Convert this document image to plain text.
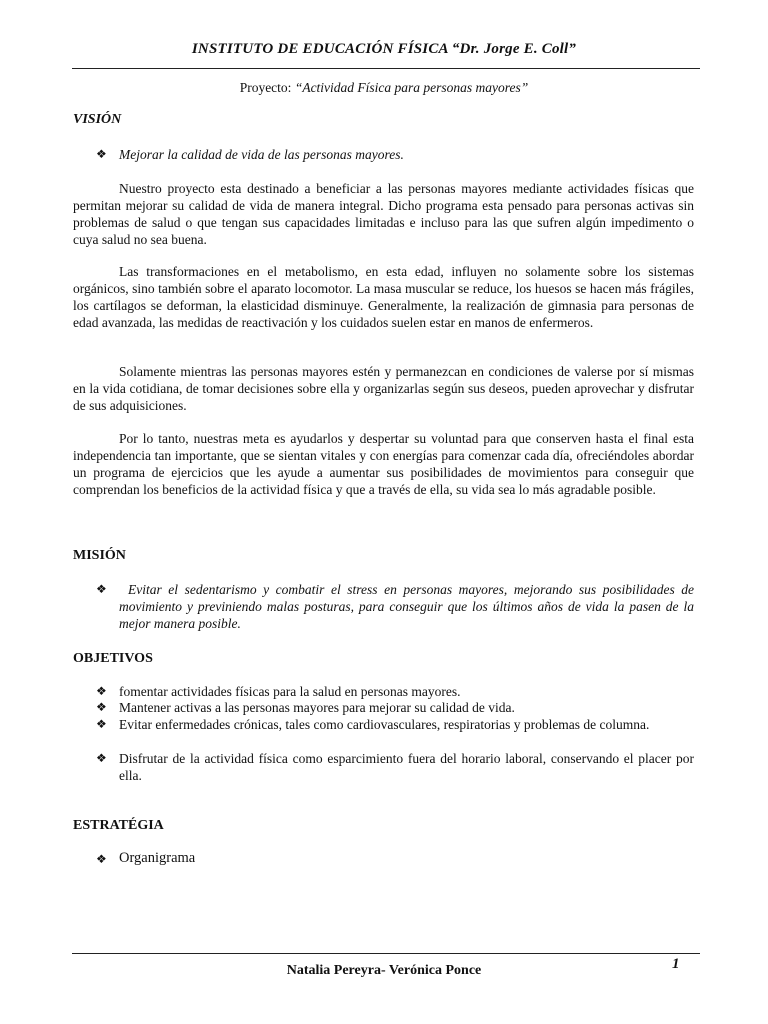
INSTITUTO DE EDUCACIÓN FÍSICA “Dr. Jorge E. Coll”
Proyecto: “Actividad Física para personas mayores”
VISIÓN
❖ Mejorar la calidad de vida de las personas mayores.

Nuestro proyecto esta destinado a beneficiar a las personas mayores mediante actividades físicas que permitan mejorar su calidad de vida de manera integral. Dicho programa esta pensado para personas activas sin problemas de salud o que tengan sus capacidades limitadas e incluso para las que sufren algún impedimento o cuya salud no sea buena.

Las transformaciones en el metabolismo, en esta edad, influyen no solamente sobre los sistemas orgánicos, sino también sobre el aparato locomotor. La masa muscular se reduce, los huesos se hacen más frágiles, los cartílagos se deforman, la elasticidad disminuye. Generalmente, la realización de gimnasia para personas de edad avanzada, las medidas de reactivación y los cuidados suelen estar en manos de enfermeros.

Solamente mientras las personas mayores estén y permanezcan en condiciones de valerse por sí mismas en la vida cotidiana, de tomar decisiones sobre ella y organizarlas según sus deseos, pueden aprovechar y disfrutar de sus adquisiciones.

Por lo tanto, nuestras meta es ayudarlos y despertar su voluntad para que conserven hasta el final esta independencia tan importante, que se sientan vitales y con energías para comenzar cada día, ofreciéndoles abordar un programa de ejercicios que les ayude a aumentar sus posibilidades de movimientos para conseguir que comprendan los beneficios de la actividad física y que a través de ella, su vida sea lo más agradable posible.

MISIÓN
❖	Evitar el sedentarismo y combatir el stress en personas mayores, mejorando sus posibilidades de movimiento y previniendo malas posturas, para conseguir que los últimos años de vida la pasen de la mejor manera posible.
OBJETIVOS
❖ fomentar actividades físicas para la salud en personas mayores.
❖ Mantener activas a las personas mayores para mejorar su calidad de vida.
❖ Evitar enfermedades crónicas, tales como cardiovasculares, respiratorias y problemas de columna.
❖ Disfrutar de la actividad física como esparcimiento fuera del horario laboral, conservando el placer por ella.
ESTRATÉGIA
❖ Organigrama
1
Natalia Pereyra- Verónica Ponce
